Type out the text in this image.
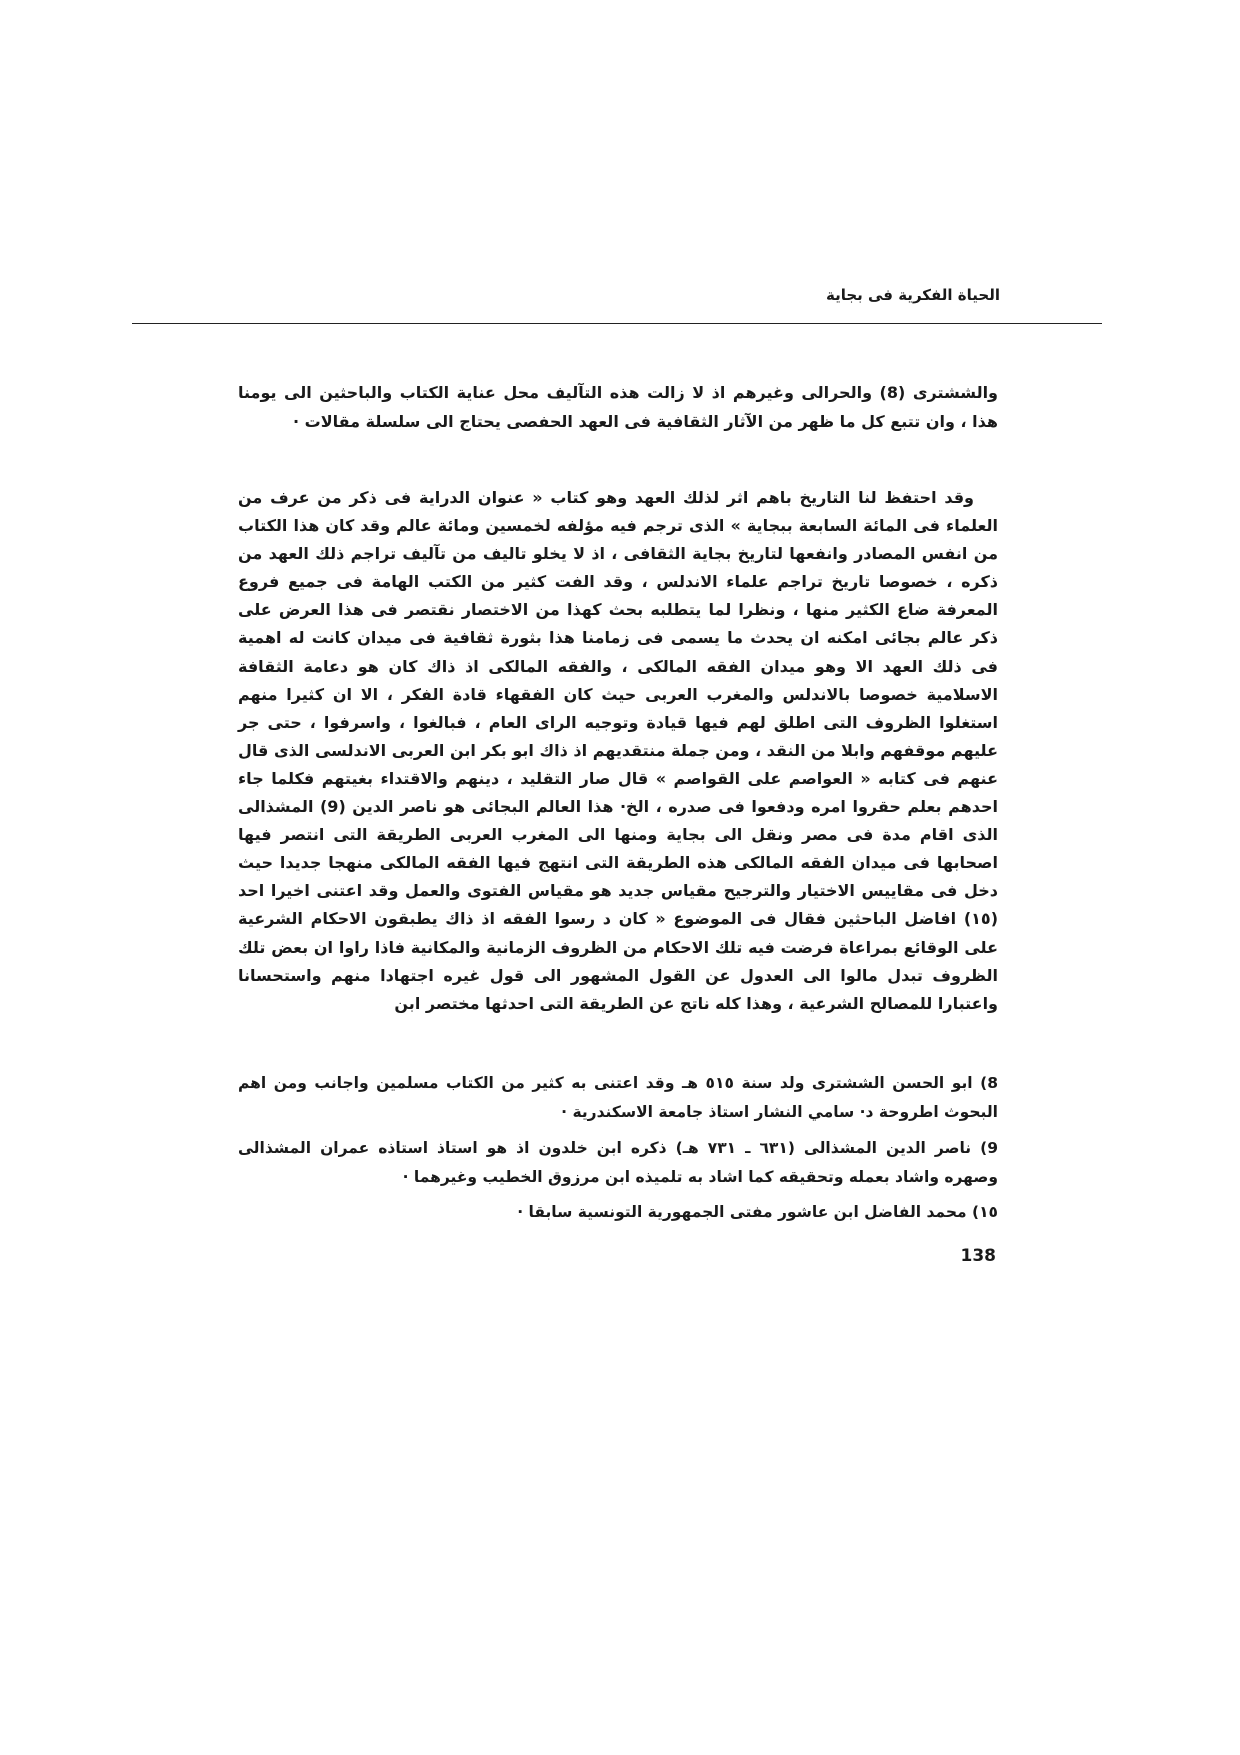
الحياة الفكرية فى بجاية

والششترى (8) والحرالى وغيرهم اذ لا زالت هذه التآليف محل عناية الكتاب والباحثين الى يومنا هذا ، وان تتبع كل ما ظهر من الآثار الثقافية فى العهد الحفصى يحتاج الى سلسلة مقالات ·

وقد احتفظ لنا التاريخ باهم اثر لذلك العهد وهو كتاب « عنوان الدراية فى ذكر من عرف من العلماء فى المائة السابعة ببجاية » الذى ترجم فيه مؤلفه لخمسين ومائة عالم وقد كان هذا الكتاب من انفس المصادر وانفعها لتاريخ بجاية الثقافى ، اذ لا يخلو تاليف من تآليف تراجم ذلك العهد من ذكره ، خصوصا تاريخ تراجم علماء الاندلس ، وقد الفت كثير من الكتب الهامة فى جميع فروع المعرفة ضاع الكثير منها ، ونظرا لما يتطلبه بحث كهذا من الاختصار نقتصر فى هذا العرض على ذكر عالم بجائى امكنه ان يحدث ما يسمى فى زمامنا هذا بثورة ثقافية فى ميدان كانت له اهمية فى ذلك العهد الا وهو ميدان الفقه المالكى ، والفقه المالكى اذ ذاك كان هو دعامة الثقافة الاسلامية خصوصا بالاندلس والمغرب العربى حيث كان الفقهاء قادة الفكر ، الا ان كثيرا منهم استغلوا الظروف التى اطلق لهم فيها قيادة وتوجيه الراى العام ، فبالغوا ، واسرفوا ، حتى جر عليهم موقفهم وابلا من النقد ، ومن جملة منتقديهم اذ ذاك ابو بكر ابن العربى الاندلسى الذى قال عنهم فى كتابه « العواصم على القواصم » قال صار التقليد ، دينهم والاقتداء بغيتهم فكلما جاء احدهم بعلم حقروا امره ودفعوا فى صدره ، الخ· هذا العالم البجائى هو ناصر الدين (9) المشذالى الذى اقام مدة فى مصر ونقل الى بجاية ومنها الى المغرب العربى الطريقة التى انتصر فيها اصحابها فى ميدان الفقه المالكى هذه الطريقة التى انتهج فيها الفقه المالكى منهجا جديدا حيث دخل فى مقاييس الاختيار والترجيح مقياس جديد هو مقياس الفتوى والعمل وقد اعتنى اخيرا احد (١٥) افاضل الباحثين فقال فى الموضوع « كان د رسوا الفقه اذ ذاك يطبقون الاحكام الشرعية على الوقائع بمراعاة فرضت فيه تلك الاحكام من الظروف الزمانية والمكانية فاذا راوا ان بعض تلك الظروف تبدل مالوا الى العدول عن القول المشهور الى قول غيره اجتهادا منهم واستحسانا واعتبارا للمصالح الشرعية ، وهذا كله ناتج عن الطريقة التى احدثها مختصر ابن

8) ابو الحسن الششترى ولد سنة ٥١٥ هـ وقد اعتنى به كثير من الكتاب مسلمين واجانب ومن اهم البحوث اطروحة د· سامي النشار استاذ جامعة الاسكندرية ·

9) ناصر الدين المشذالى (٦٣١ ـ ٧٣١ هـ) ذكره ابن خلدون اذ هو استاذ استاذه عمران المشذالى وصهره واشاد بعمله وتحقيقه كما اشاد به تلميذه ابن مرزوق الخطيب وغيرهما ·

١٥) محمد الفاضل ابن عاشور مفتى الجمهورية التونسية سابقا ·

138
